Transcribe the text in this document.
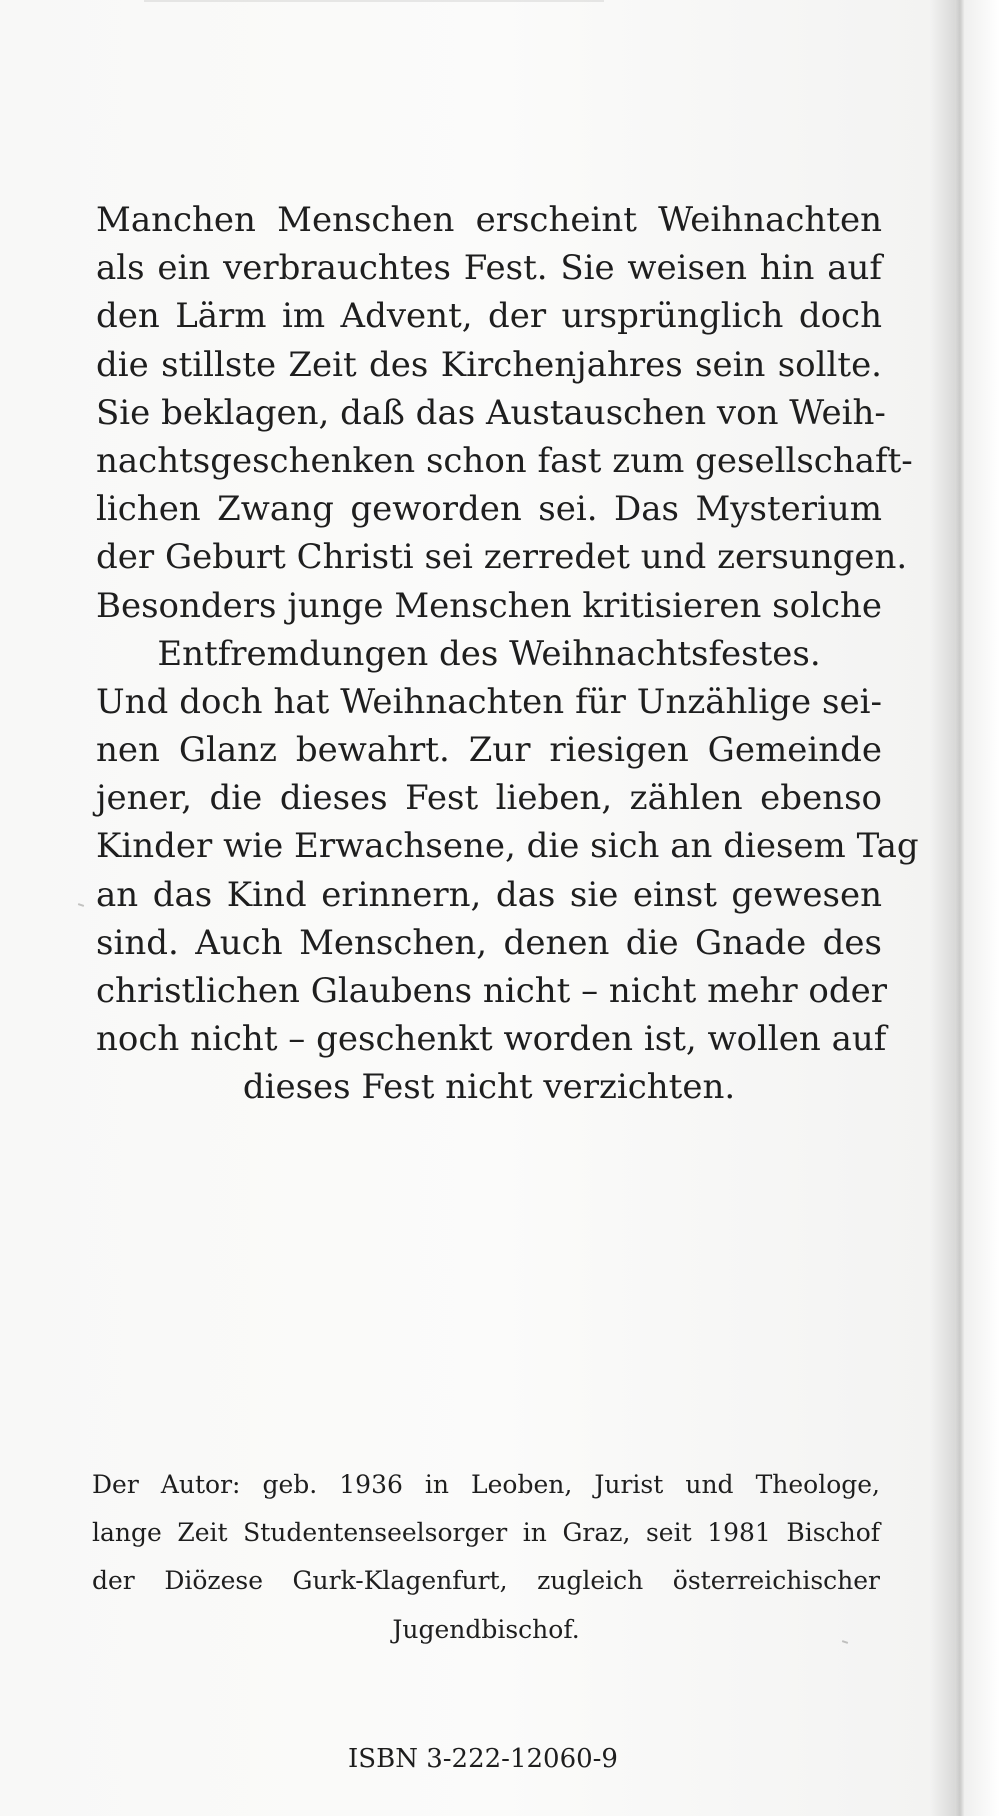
Manchen Menschen erscheint Weihnachten
als ein verbrauchtes Fest. Sie weisen hin auf
den Lärm im Advent, der ursprünglich doch
die stillste Zeit des Kirchenjahres sein sollte.
Sie beklagen, daß das Austauschen von Weih-
nachtsgeschenken schon fast zum gesellschaft-
lichen Zwang geworden sei. Das Mysterium
der Geburt Christi sei zerredet und zersungen.
Besonders junge Menschen kritisieren solche
Entfremdungen des Weihnachtsfestes.
Und doch hat Weihnachten für Unzählige sei-
nen Glanz bewahrt. Zur riesigen Gemeinde
jener, die dieses Fest lieben, zählen ebenso
Kinder wie Erwachsene, die sich an diesem Tag
an das Kind erinnern, das sie einst gewesen
sind. Auch Menschen, denen die Gnade des
christlichen Glaubens nicht – nicht mehr oder
noch nicht – geschenkt worden ist, wollen auf
dieses Fest nicht verzichten.
Der Autor: geb. 1936 in Leoben, Jurist und Theologe,
lange Zeit Studentenseelsorger in Graz, seit 1981 Bischof
der Diözese Gurk-Klagenfurt, zugleich österreichischer
Jugendbischof.
ISBN 3-222-12060-9
